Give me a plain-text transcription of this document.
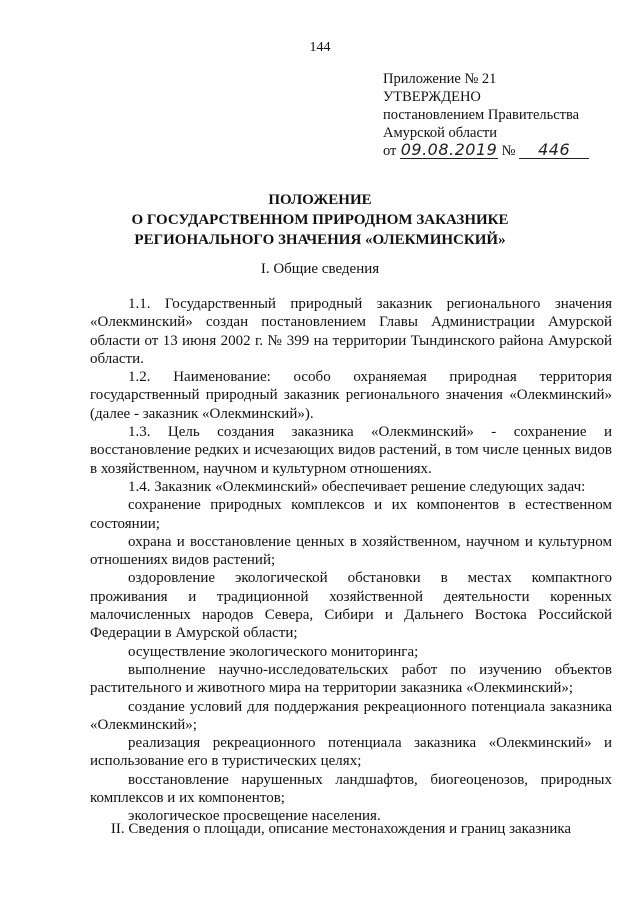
144
Приложение № 21
УТВЕРЖДЕНО
постановлением Правительства
Амурской области
от 09.08.2019 № 446
ПОЛОЖЕНИЕ
О ГОСУДАРСТВЕННОМ ПРИРОДНОМ ЗАКАЗНИКЕ
РЕГИОНАЛЬНОГО ЗНАЧЕНИЯ «ОЛЕКМИНСКИЙ»
I. Общие сведения

1.1. Государственный природный заказник регионального значения «Олекминский» создан постановлением Главы Администрации Амурской области от 13 июня 2002 г. № 399 на территории Тындинского района Амурской области.

1.2. Наименование: особо охраняемая природная территория государственный природный заказник регионального значения «Олекминский» (далее - заказник «Олекминский»).

1.3. Цель создания заказника «Олекминский» - сохранение и восстановление редких и исчезающих видов растений, в том числе ценных видов в хозяйственном, научном и культурном отношениях.

1.4. Заказник «Олекминский» обеспечивает решение следующих задач:

сохранение природных комплексов и их компонентов в естественном состоянии;

охрана и восстановление ценных в хозяйственном, научном и культурном отношениях видов растений;

оздоровление экологической обстановки в местах компактного проживания и традиционной хозяйственной деятельности коренных малочисленных народов Севера, Сибири и Дальнего Востока Российской Федерации в Амурской области;

осуществление экологического мониторинга;

выполнение научно-исследовательских работ по изучению объектов растительного и животного мира на территории заказника «Олекминский»;

создание условий для поддержания рекреационного потенциала заказника «Олекминский»;

реализация рекреационного потенциала заказника «Олекминский» и использование его в туристических целях;

восстановление нарушенных ландшафтов, биогеоценозов, природных комплексов и их компонентов;

экологическое просвещение населения.

II. Сведения о площади, описание местонахождения и границ заказника
